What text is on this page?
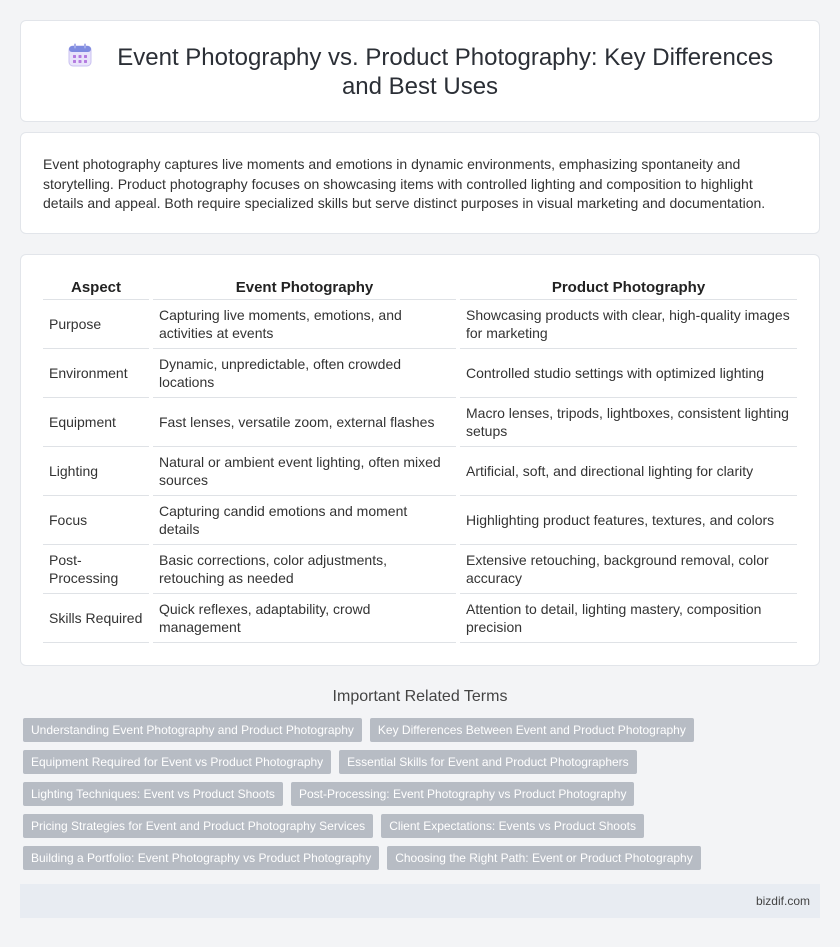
Event Photography vs. Product Photography: Key Differences and Best Uses

Event photography captures live moments and emotions in dynamic environments, emphasizing spontaneity and storytelling. Product photography focuses on showcasing items with controlled lighting and composition to highlight details and appeal. Both require specialized skills but serve distinct purposes in visual marketing and documentation.

Aspect	Event Photography	Product Photography
Purpose	Capturing live moments, emotions, and activities at events	Showcasing products with clear, high-quality images for marketing
Environment	Dynamic, unpredictable, often crowded locations	Controlled studio settings with optimized lighting
Equipment	Fast lenses, versatile zoom, external flashes	Macro lenses, tripods, lightboxes, consistent lighting setups
Lighting	Natural or ambient event lighting, often mixed sources	Artificial, soft, and directional lighting for clarity
Focus	Capturing candid emotions and moment details	Highlighting product features, textures, and colors
Post-Processing	Basic corrections, color adjustments, retouching as needed	Extensive retouching, background removal, color accuracy
Skills Required	Quick reflexes, adaptability, crowd management	Attention to detail, lighting mastery, composition precision
Important Related Terms
Understanding Event Photography and Product Photography	Key Differences Between Event and Product Photography
Equipment Required for Event vs Product Photography	Essential Skills for Event and Product Photographers
Lighting Techniques: Event vs Product Shoots	Post-Processing: Event Photography vs Product Photography
Pricing Strategies for Event and Product Photography Services	Client Expectations: Events vs Product Shoots
Building a Portfolio: Event Photography vs Product Photography	Choosing the Right Path: Event or Product Photography
bizdif.com
